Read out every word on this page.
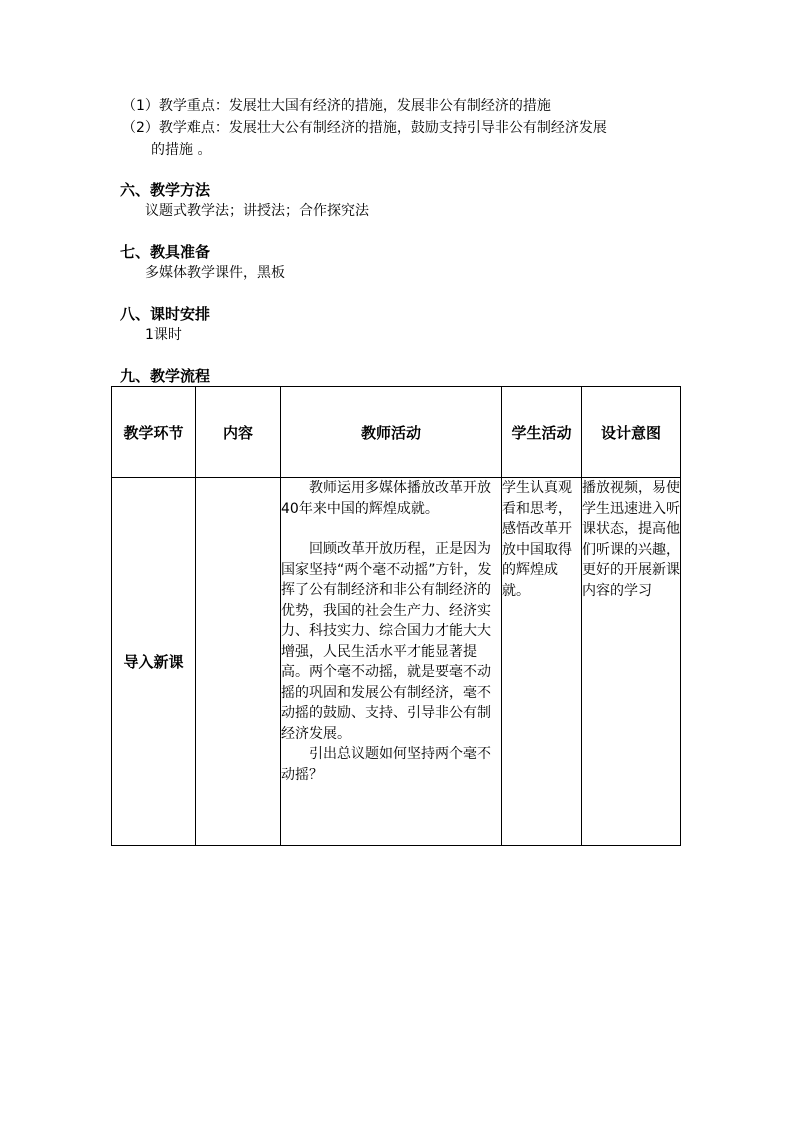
（1）教学重点：发展壮大国有经济的措施，发展非公有制经济的措施
（2）教学难点：发展壮大公有制经济的措施，鼓励支持引导非公有制经济发展
的措施 。
六、教学方法
议题式教学法；讲授法；合作探究法
七、教具准备
多媒体教学课件，黑板
八、课时安排
1课时
九、教学流程
教学环节	内容	教师活动	学生活动	设计意图
导入新课		教师运用多媒体播放改革开放40年来中国的辉煌成就。
回顾改革开放历程，正是因为国家坚持“两个毫不动摇”方针，发挥了公有制经济和非公有制经济的优势，我国的社会生产力、经济实力、科技实力、综合国力才能大大增强，人民生活水平才能显著提高。两个毫不动摇，就是要毫不动摇的巩固和发展公有制经济，毫不动摇的鼓励、支持、引导非公有制经济发展。
引出总议题如何坚持两个毫不动摇？	学生认真观看和思考，感悟改革开放中国取得的辉煌成就。	播放视频，易使学生迅速进入听课状态，提高他们听课的兴趣，更好的开展新课内容的学习
